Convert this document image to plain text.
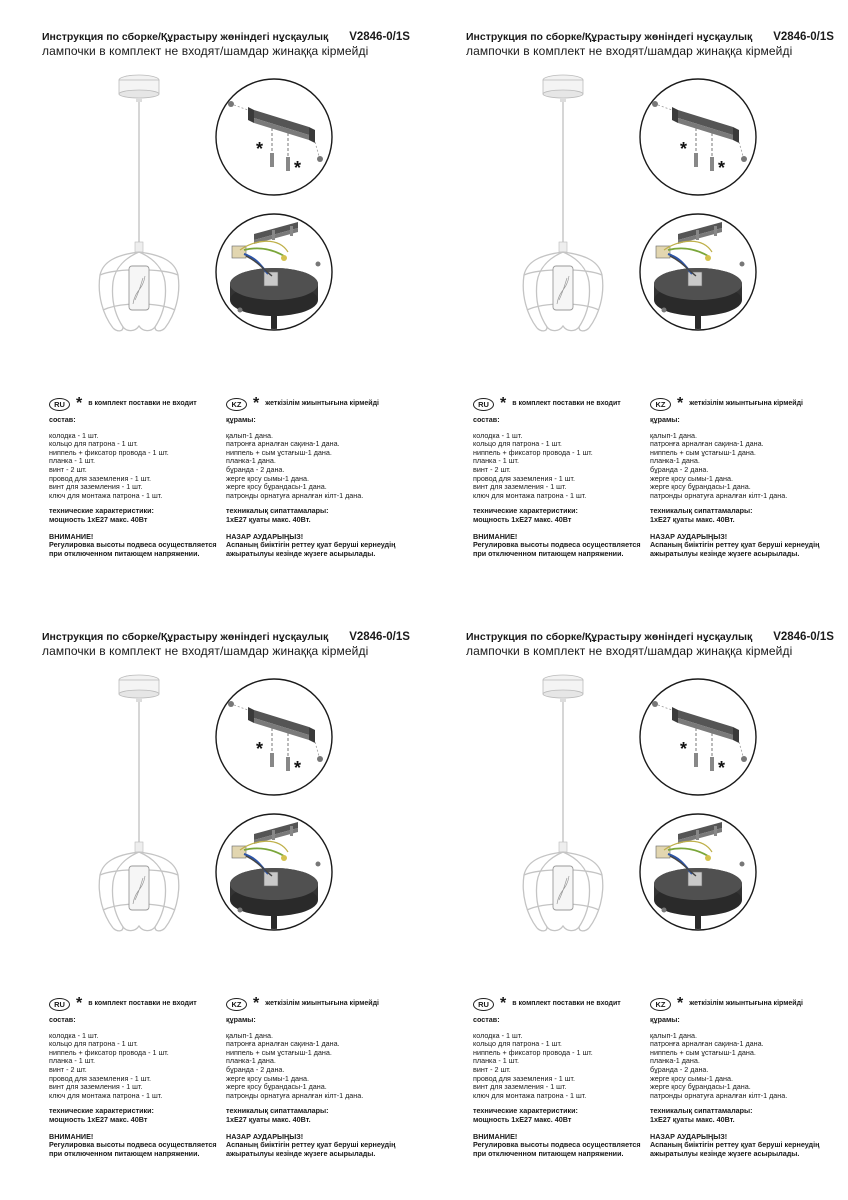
Инструкция по сборке/Құрастыру жөніндегі нұсқаулық V2846-0/1S
лампочки в комплект не входят/шамдар жинаққа кірмейді
*
*
RU * в комплект поставки не входит
состав:
колодка - 1 шт.
кольцо для патрона - 1 шт.
ниппель + фиксатор провода - 1 шт.
планка - 1 шт.
винт - 2 шт.
провод для заземления - 1 шт.
винт для заземления - 1 шт.
ключ для монтажа патрона - 1 шт.
технические характеристики:
мощность 1хЕ27 макс. 40Вт
ВНИМАНИЕ!
Регулировка высоты подвеса осуществляется
при отключенном питающем напряжении.
KZ * жеткізілім жиынтығына кірмейді
құрамы:
қалып-1 дана.
патронға арналған сақина-1 дана.
ниппель + сым ұстағыш-1 дана.
планка-1 дана.
бұранда - 2 дана.
жерге қосу сымы-1 дана.
жерге қосу бұрандасы-1 дана.
патронды орнатуға арналған кілт-1 дана.
техникалық сипаттамалары:
1хЕ27 қуаты макс. 40Вт.
НАЗАР АУДАРЫҢЫЗ!
Аспаның биіктігін реттеу қуат беруші кернеудің
ажыратылуы кезінде жүзеге асырылады.
Инструкция по сборке/Құрастыру жөніндегі нұсқаулық V2846-0/1S
лампочки в комплект не входят/шамдар жинаққа кірмейді
*
*
RU * в комплект поставки не входит
состав:
колодка - 1 шт.
кольцо для патрона - 1 шт.
ниппель + фиксатор провода - 1 шт.
планка - 1 шт.
винт - 2 шт.
провод для заземления - 1 шт.
винт для заземления - 1 шт.
ключ для монтажа патрона - 1 шт.
технические характеристики:
мощность 1хЕ27 макс. 40Вт
ВНИМАНИЕ!
Регулировка высоты подвеса осуществляется
при отключенном питающем напряжении.
KZ * жеткізілім жиынтығына кірмейді
құрамы:
қалып-1 дана.
патронға арналған сақина-1 дана.
ниппель + сым ұстағыш-1 дана.
планка-1 дана.
бұранда - 2 дана.
жерге қосу сымы-1 дана.
жерге қосу бұрандасы-1 дана.
патронды орнатуға арналған кілт-1 дана.
техникалық сипаттамалары:
1хЕ27 қуаты макс. 40Вт.
НАЗАР АУДАРЫҢЫЗ!
Аспаның биіктігін реттеу қуат беруші кернеудің
ажыратылуы кезінде жүзеге асырылады.
Инструкция по сборке/Құрастыру жөніндегі нұсқаулық V2846-0/1S
лампочки в комплект не входят/шамдар жинаққа кірмейді
*
*
RU * в комплект поставки не входит
состав:
колодка - 1 шт.
кольцо для патрона - 1 шт.
ниппель + фиксатор провода - 1 шт.
планка - 1 шт.
винт - 2 шт.
провод для заземления - 1 шт.
винт для заземления - 1 шт.
ключ для монтажа патрона - 1 шт.
технические характеристики:
мощность 1хЕ27 макс. 40Вт
ВНИМАНИЕ!
Регулировка высоты подвеса осуществляется
при отключенном питающем напряжении.
KZ * жеткізілім жиынтығына кірмейді
құрамы:
қалып-1 дана.
патронға арналған сақина-1 дана.
ниппель + сым ұстағыш-1 дана.
планка-1 дана.
бұранда - 2 дана.
жерге қосу сымы-1 дана.
жерге қосу бұрандасы-1 дана.
патронды орнатуға арналған кілт-1 дана.
техникалық сипаттамалары:
1хЕ27 қуаты макс. 40Вт.
НАЗАР АУДАРЫҢЫЗ!
Аспаның биіктігін реттеу қуат беруші кернеудің
ажыратылуы кезінде жүзеге асырылады.
Инструкция по сборке/Құрастыру жөніндегі нұсқаулық V2846-0/1S
лампочки в комплект не входят/шамдар жинаққа кірмейді
*
*
RU * в комплект поставки не входит
состав:
колодка - 1 шт.
кольцо для патрона - 1 шт.
ниппель + фиксатор провода - 1 шт.
планка - 1 шт.
винт - 2 шт.
провод для заземления - 1 шт.
винт для заземления - 1 шт.
ключ для монтажа патрона - 1 шт.
технические характеристики:
мощность 1хЕ27 макс. 40Вт
ВНИМАНИЕ!
Регулировка высоты подвеса осуществляется
при отключенном питающем напряжении.
KZ * жеткізілім жиынтығына кірмейді
құрамы:
қалып-1 дана.
патронға арналған сақина-1 дана.
ниппель + сым ұстағыш-1 дана.
планка-1 дана.
бұранда - 2 дана.
жерге қосу сымы-1 дана.
жерге қосу бұрандасы-1 дана.
патронды орнатуға арналған кілт-1 дана.
техникалық сипаттамалары:
1хЕ27 қуаты макс. 40Вт.
НАЗАР АУДАРЫҢЫЗ!
Аспаның биіктігін реттеу қуат беруші кернеудің
ажыратылуы кезінде жүзеге асырылады.
